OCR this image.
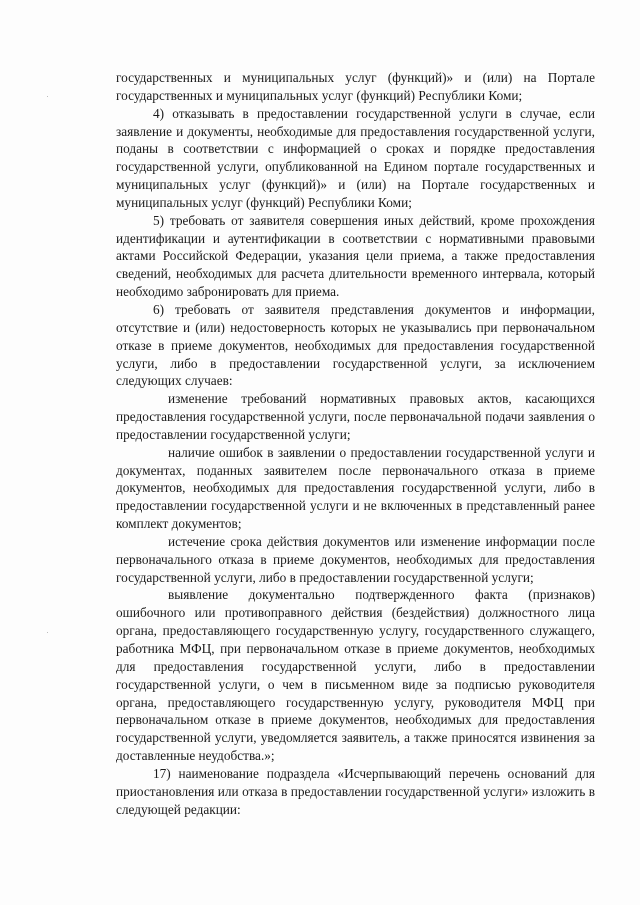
государственных и муниципальных услуг (функций)» и (или) на Портале государственных и муниципальных услуг (функций) Республики Коми;

4) отказывать в предоставлении государственной услуги в случае, если заявление и документы, необходимые для предоставления государственной услуги, поданы в соответствии с информацией о сроках и порядке предоставления государственной услуги, опубликованной на Едином портале государственных и муниципальных услуг (функций)» и (или) на Портале государственных и муниципальных услуг (функций) Республики Коми;

5) требовать от заявителя совершения иных действий, кроме прохождения идентификации и аутентификации в соответствии с нормативными правовыми актами Российской Федерации, указания цели приема, а также предоставления сведений, необходимых для расчета длительности временного интервала, который необходимо забронировать для приема.

6) требовать от заявителя представления документов и информации, отсутствие и (или) недостоверность которых не указывались при первоначальном отказе в приеме документов, необходимых для предоставления государственной услуги, либо в предоставлении государственной услуги, за исключением следующих случаев:

изменение требований нормативных правовых актов, касающихся предоставления государственной услуги, после первоначальной подачи заявления о предоставлении государственной услуги;

наличие ошибок в заявлении о предоставлении государственной услуги и документах, поданных заявителем после первоначального отказа в приеме документов, необходимых для предоставления государственной услуги, либо в предоставлении государственной услуги и не включенных в представленный ранее комплект документов;

истечение срока действия документов или изменение информации после первоначального отказа в приеме документов, необходимых для предоставления государственной услуги, либо в предоставлении государственной услуги;

выявление документально подтвержденного факта (признаков) ошибочного или противоправного действия (бездействия) должностного лица органа, предоставляющего государственную услугу, государственного служащего, работника МФЦ, при первоначальном отказе в приеме документов, необходимых для предоставления государственной услуги, либо в предоставлении государственной услуги, о чем в письменном виде за подписью руководителя органа, предоставляющего государственную услугу, руководителя МФЦ при первоначальном отказе в приеме документов, необходимых для предоставления государственной услуги, уведомляется заявитель, а также приносятся извинения за доставленные неудобства.»;

17) наименование подраздела «Исчерпывающий перечень оснований для приостановления или отказа в предоставлении государственной услуги» изложить в следующей редакции:
